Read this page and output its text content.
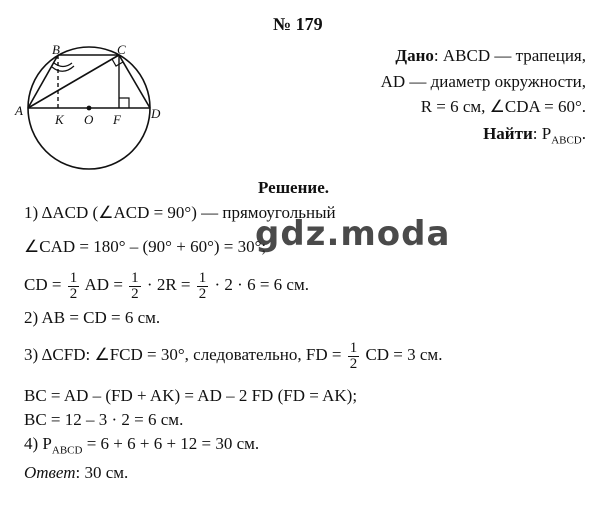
B	C
A	D
K O F
№ 179
Дано: ABCD — трапеция,
AD — диаметр окружности,
R = 6 см, ∠CDA = 60°.
Найти: $P_{ABCD}$.
Решение.
1) ΔACD (∠ACD = 90°) — прямоугольный
∠CAD = 180° – (90° + 60°) = 30°;
CD = $\frac{1}{2}$ AD = $\frac{1}{2} \cdot 2R = \frac{1}{2} \cdot 2 \cdot 6 = 6$ см.
2) AB = CD = 6 см.
3) ΔCFD: ∠FCD = 30°, следовательно, FD = $\frac{1}{2}$ CD = 3 см.
BC = AD – (FD + AK) = AD – 2 FD (FD = AK);
BC = 12 – 3 · 2 = 6 см.
4) $P_{ABCD} = 6 + 6 + 6 + 12 = 30$ см.
Ответ: 30 см.
gdz.moda
